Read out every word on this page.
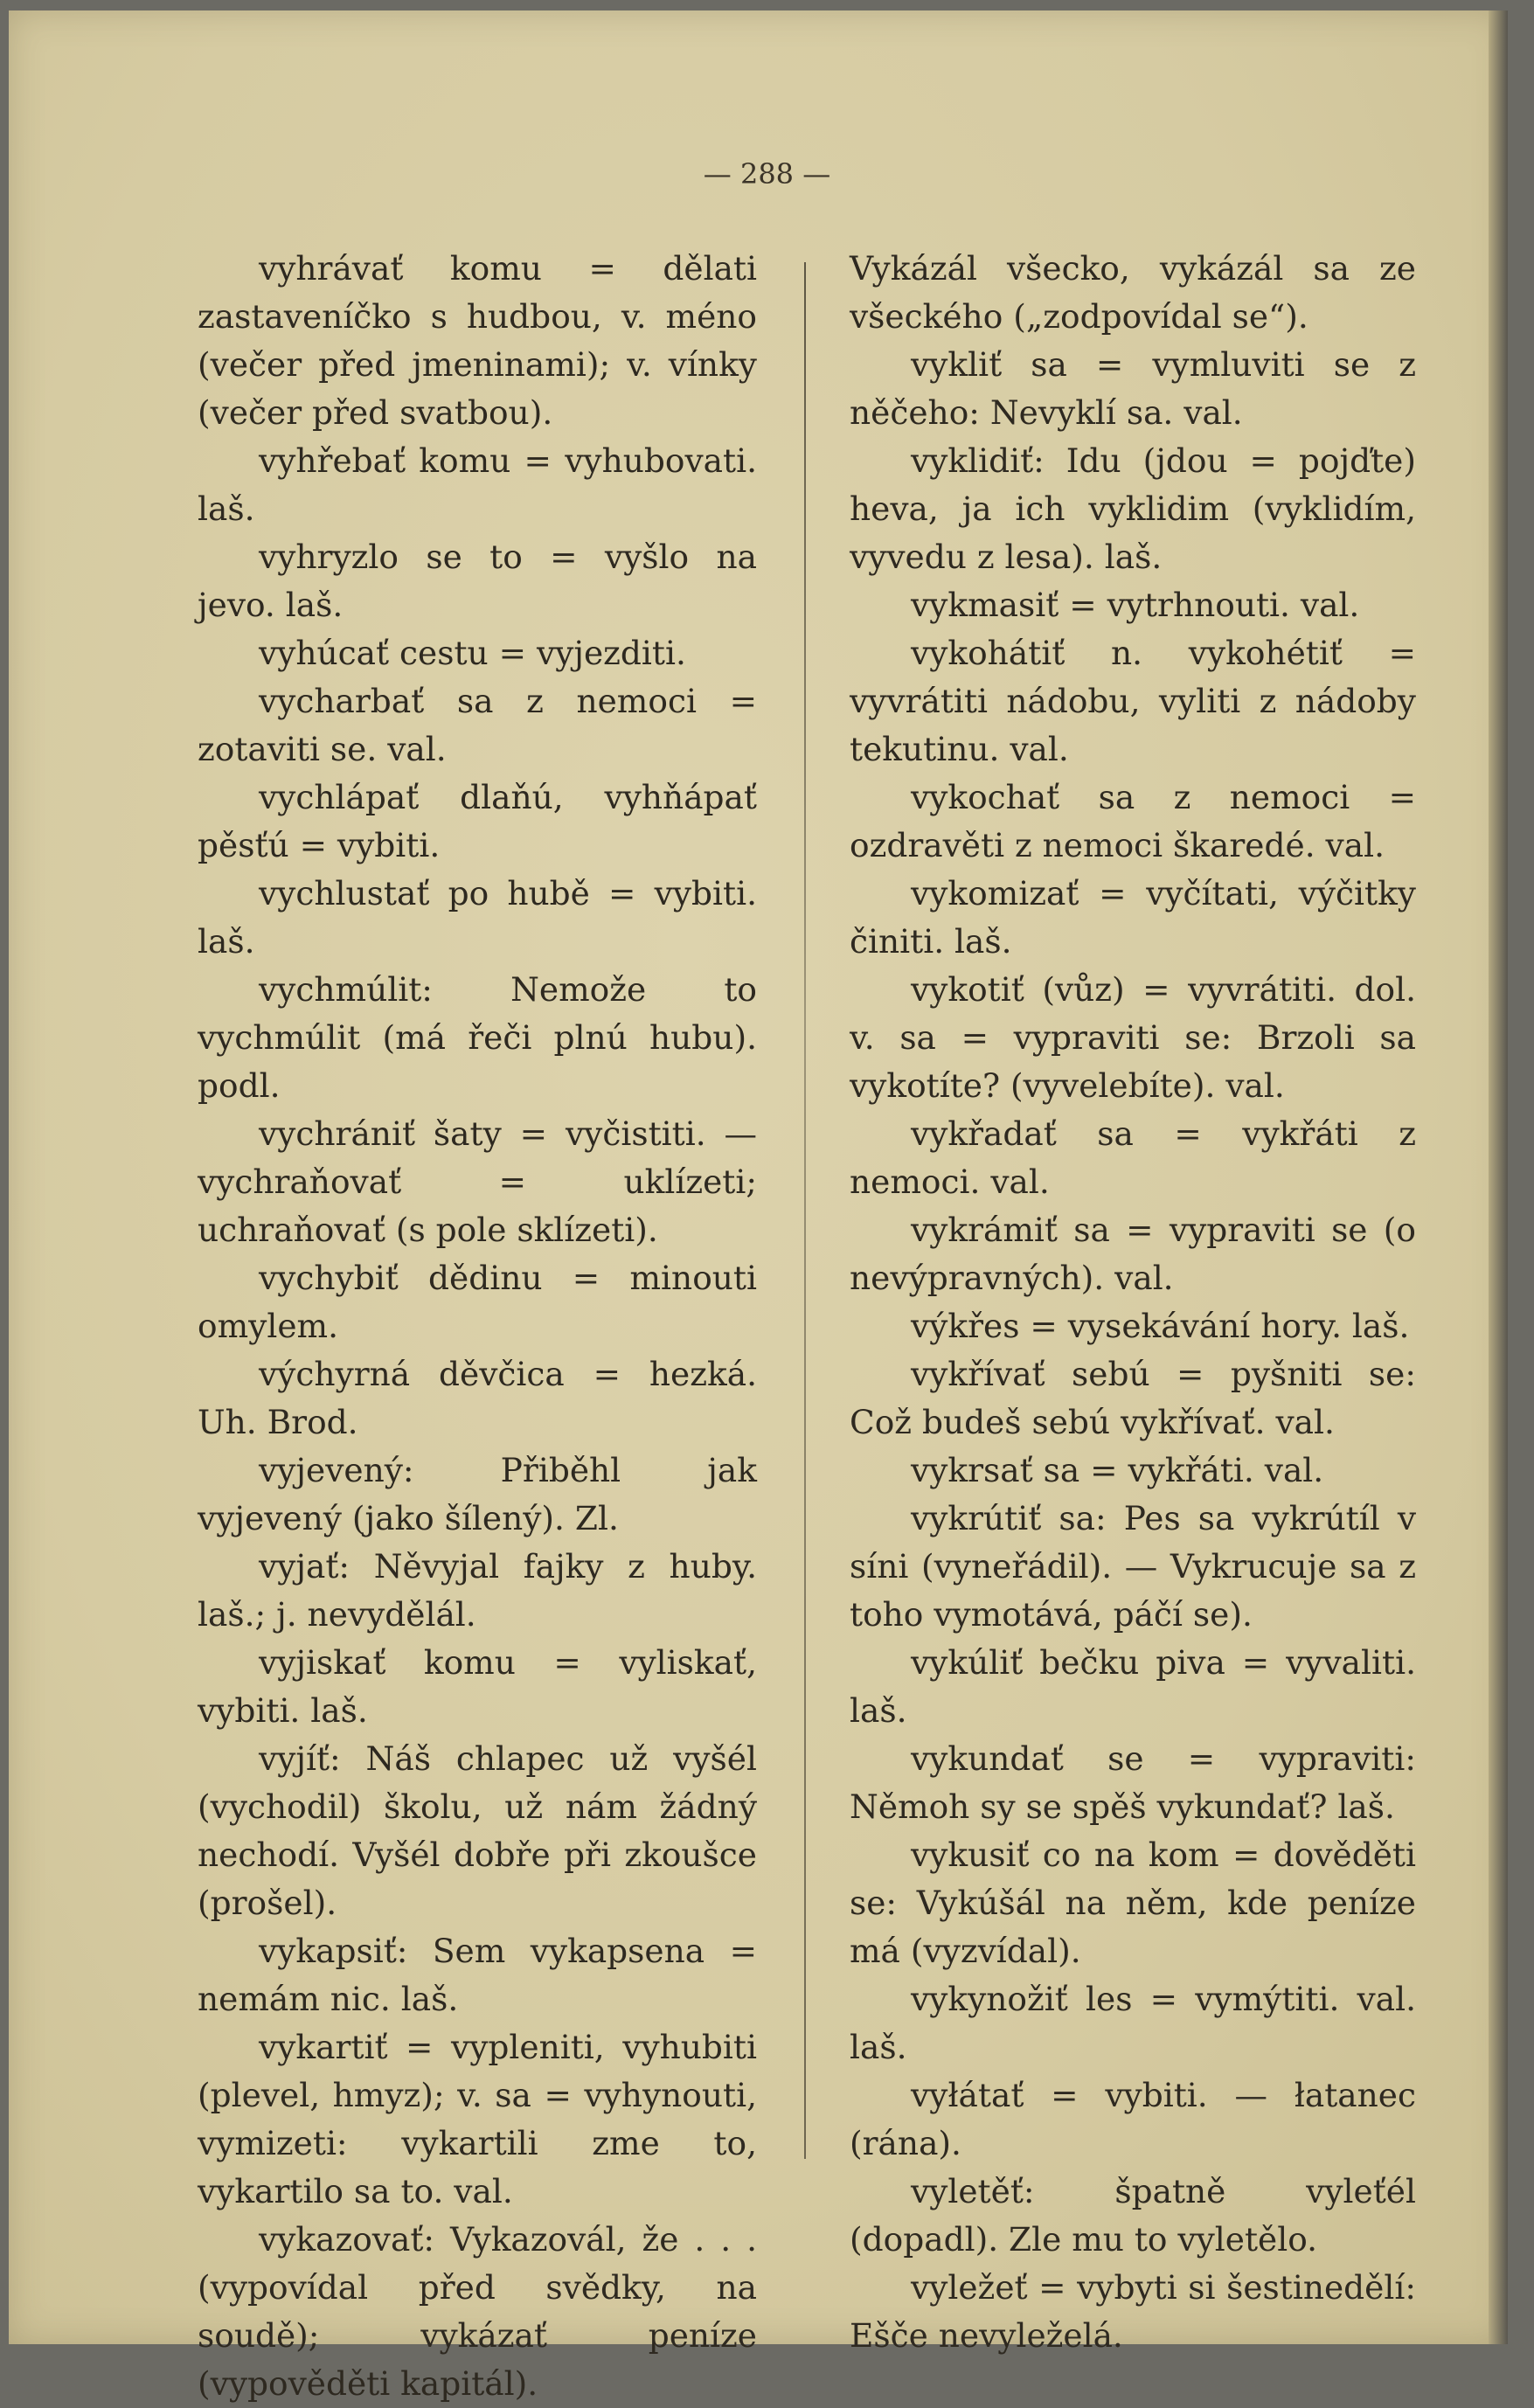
— 288 —

vyhrávať komu = dělati zastaveníčko s hudbou, v. méno (večer před jmeninami); v. vínky (večer před svatbou).

vyhřebať komu = vyhubovati. laš.

vyhryzlo se to = vyšlo na jevo. laš.

vyhúcať cestu = vyjezditi.

vycharbať sa z nemoci = zotaviti se. val.

vychlápať dlaňú, vyhňápať pěsťú = vybiti.

vychlustať po hubě = vybiti. laš.

vychmúlit: Nemože to vychmúlit (má řeči plnú hubu). podl.

vychrániť šaty = vyčistiti. — vychraňovať = uklízeti; uchraňovať (s pole sklízeti).

vychybiť dědinu = minouti omylem.

výchyrná děvčica = hezká. Uh. Brod.

vyjevený: Přiběhl jak vyjevený (jako šílený). Zl.

vyjať: Něvyjal fajky z huby. laš.; j. nevydělál.

vyjiskať komu = vyliskať, vybiti. laš.

vyjíť: Náš chlapec už vyšél (vychodil) školu, už nám žádný nechodí. Vyšél dobře při zkoušce (prošel).

vykapsiť: Sem vykapsena = nemám nic. laš.

vykartiť = vypleniti, vyhubiti (plevel, hmyz); v. sa = vyhynouti, vymizeti: vykartili zme to, vykartilo sa to. val.

vykazovať: Vykazovál, že . . . (vypovídal před svědky, na soudě); vykázať peníze (vypověděti kapitál).

Vykázál všecko, vykázál sa ze všeckého („zodpovídal se“).

vykliť sa = vymluviti se z něčeho: Nevyklí sa. val.

vyklidiť: Idu (jdou = pojďte) heva, ja ich vyklidim (vyklidím, vyvedu z lesa). laš.

vykmasiť = vytrhnouti. val.

vykohátiť n. vykohétiť = vyvrátiti nádobu, vyliti z nádoby tekutinu. val.

vykochať sa z nemoci = ozdravěti z nemoci škaredé. val.

vykomizať = vyčítati, výčitky činiti. laš.

vykotiť (vůz) = vyvrátiti. dol. v. sa = vypraviti se: Brzoli sa vykotíte? (vyvelebíte). val.

vykřadať sa = vykřáti z nemoci. val.

vykrámiť sa = vypraviti se (o nevýpravných). val.

výkřes = vysekávání hory. laš.

vykřívať sebú = pyšniti se: Což budeš sebú vykřívať. val.

vykrsať sa = vykřáti. val.

vykrútiť sa: Pes sa vykrútíl v síni (vyneřádil). — Vykrucuje sa z toho vymotává, páčí se).

vykúliť bečku piva = vyvaliti. laš.

vykundať se = vypraviti: Němoh sy se spěš vykundať? laš.

vykusiť co na kom = dověděti se: Vykúšál na něm, kde peníze má (vyzvídal).

vykynožiť les = vymýtiti. val. laš.

vyłátať = vybiti. — łatanec (rána).

vyletěť: špatně vyleťél (dopadl). Zle mu to vyletělo.

vyležeť = vybyti si šestinedělí: Ešče nevyleželá.
